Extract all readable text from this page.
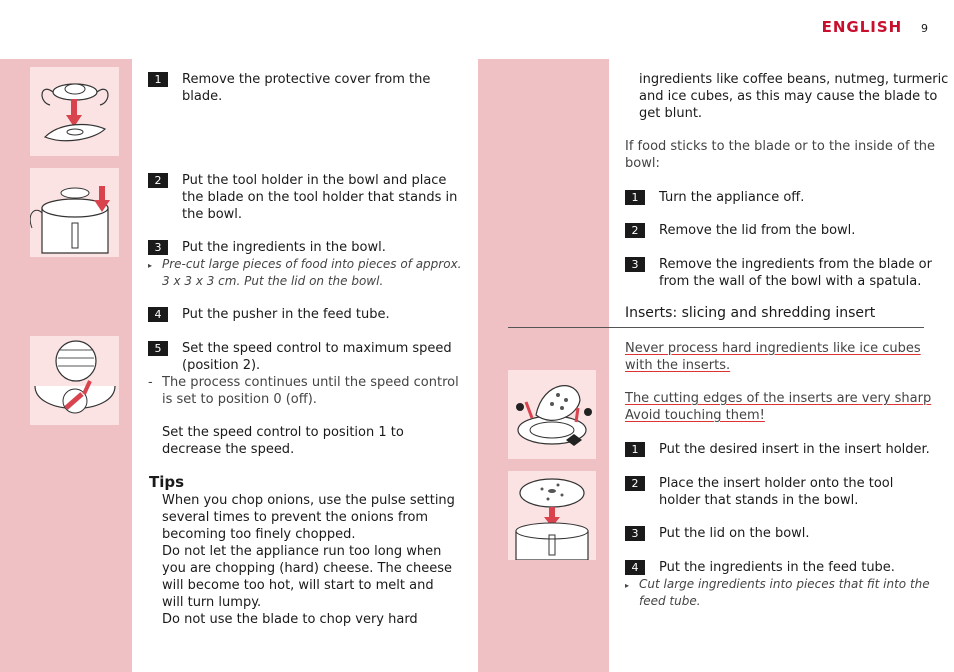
ENGLISH 9
1	Remove the protective cover from the
blade.
2	Put the tool holder in the bowl and place
the blade on the tool holder that stands in
the bowl.
3	Put the ingredients in the bowl.
▸ Pre-cut large pieces of food into pieces of approx.
3 x 3 x 3 cm. Put the lid on the bowl.
4	Put the pusher in the feed tube.
5	Set the speed control to maximum speed
(position 2).
- The process continues until the speed control
is set to position 0 (off).
Set the speed control to position 1 to
decrease the speed.
Tips
When you chop onions, use the pulse setting
several times to prevent the onions from
becoming too finely chopped.
Do not let the appliance run too long when
you are chopping (hard) cheese. The cheese
will become too hot, will start to melt and
will turn lumpy.
Do not use the blade to chop very hard
ingredients like coffee beans, nutmeg, turmeric
and ice cubes, as this may cause the blade to
get blunt.
If food sticks to the blade or to the inside of the
bowl:
1	Turn the appliance off.
2	Remove the lid from the bowl.
3	Remove the ingredients from the blade or
from the wall of the bowl with a spatula.
Inserts: slicing and shredding insert
Never process hard ingredients like ice cubes
with the inserts.
The cutting edges of the inserts are very sharp
Avoid touching them!
1	Put the desired insert in the insert holder.
2	Place the insert holder onto the tool
holder that stands in the bowl.
3	Put the lid on the bowl.
4	Put the ingredients in the feed tube.
▸ Cut large ingredients into pieces that fit into the
feed tube.
